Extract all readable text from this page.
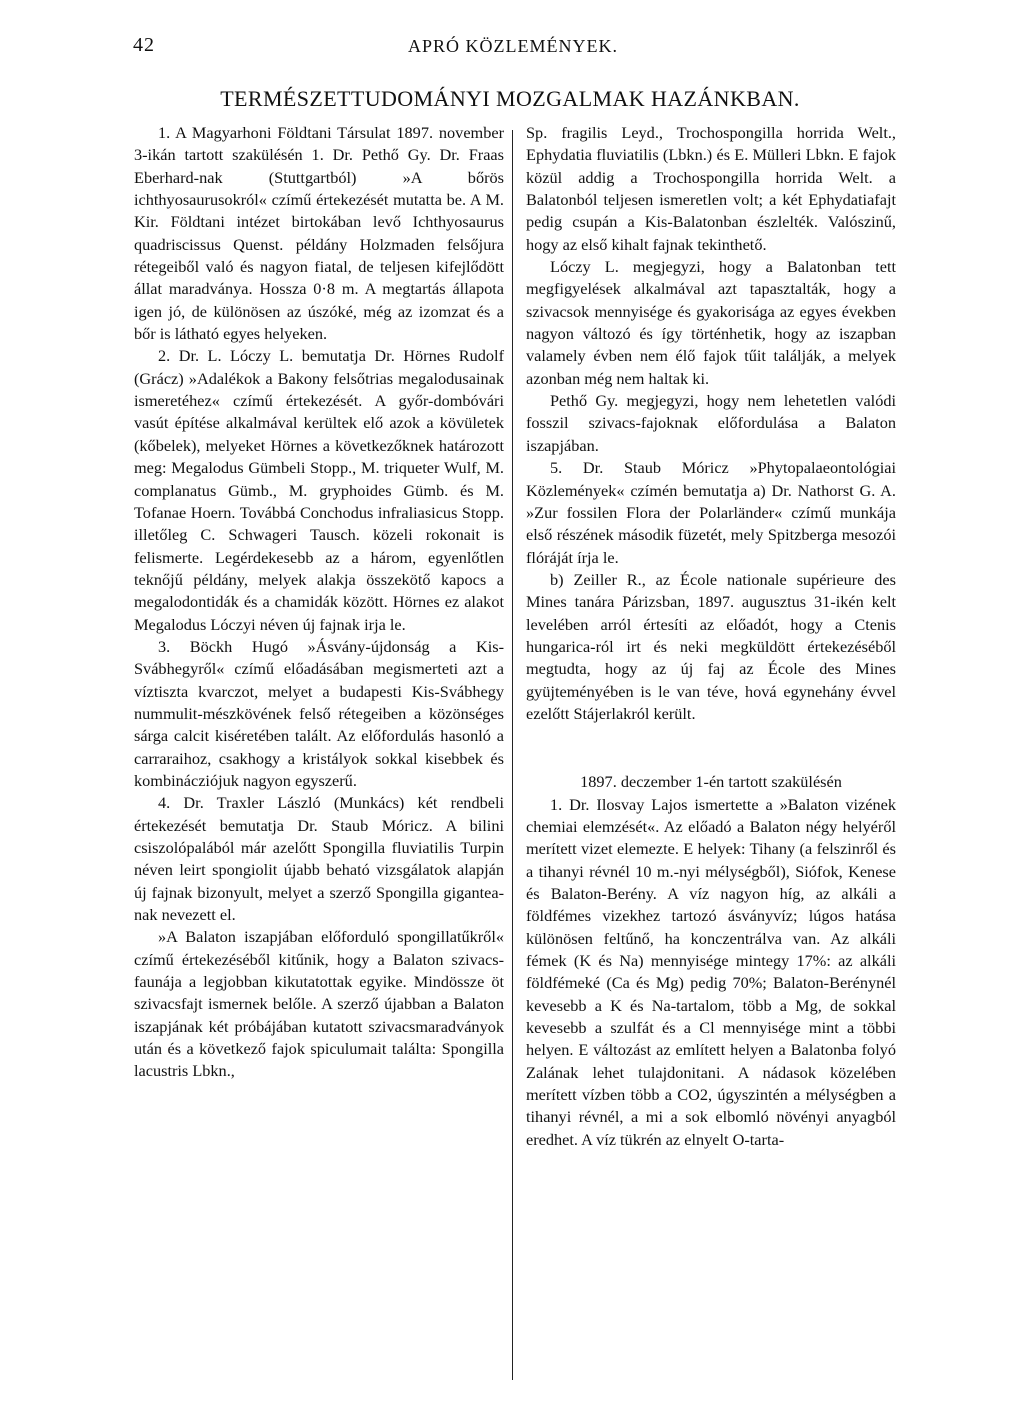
42	APRÓ KÖZLEMÉNYEK.
TERMÉSZETTUDOMÁNYI MOZGALMAK HAZÁNKBAN.

1. A Magyarhoni Földtani Társulat 1897. november 3-ikán tartott szakülésén 1. Dr. Pethő Gy. Dr. Fraas Eberhard-nak (Stuttgartból) »A bőrös ichthyosaurusokról« czímű értekezését mutatta be. A M. Kir. Földtani intézet birtokában levő Ichthyosaurus quadriscissus Quenst. példány Holzmaden felsőjura rétegeiből való és nagyon fiatal, de teljesen kifejlődött állat maradványa. Hossza 0·8 m. A megtartás állapota igen jó, de különösen az úszóké, még az izomzat és a bőr is látható egyes helyeken.

2. Dr. L. Lóczy L. bemutatja Dr. Hörnes Rudolf (Grácz) »Adalékok a Bakony felsőtrias megalodusainak ismeretéhez« czímű értekezését. A győr-dombóvári vasút építése alkalmával kerültek elő azok a kövületek (kőbelek), melyeket Hörnes a következőknek határozott meg: Megalodus Gümbeli Stopp., M. triqueter Wulf, M. complanatus Gümb., M. gryphoides Gümb. és M. Tofanae Hoern. Továbbá Conchodus infraliasicus Stopp. illetőleg C. Schwageri Tausch. közeli rokonait is felismerte. Legérdekesebb az a három, egyenlőtlen teknőjű példány, melyek alakja összekötő kapocs a megalodontidák és a chamidák között. Hörnes ez alakot Megalodus Lóczyi néven új fajnak irja le.

3. Böckh Hugó »Ásvány-újdonság a Kis-Svábhegyről« czímű előadásában megismerteti azt a víztiszta kvarczot, melyet a budapesti Kis-Svábhegy nummulit-mészkövének felső rétegeiben a közönséges sárga calcit kiséretében talált. Az előfordulás hasonló a carraraihoz, csakhogy a kristályok sokkal kisebbek és kombinácziójuk nagyon egyszerű.

4. Dr. Traxler László (Munkács) két rendbeli értekezését bemutatja Dr. Staub Móricz. A bilini csiszolópalából már azelőtt Spongilla fluviatilis Turpin néven leirt spongiolit újabb beható vizsgálatok alapján új fajnak bizonyult, melyet a szerző Spongilla gigantea-nak nevezett el.

»A Balaton iszapjában előforduló spongillatűkről« czímű értekezéséből kitűnik, hogy a Balaton szivacs-faunája a legjobban kikutatottak egyike. Mindössze öt szivacsfajt ismernek belőle. A szerző újabban a Balaton iszapjának két próbájában kutatott szivacsmaradványok után és a következő fajok spiculumait találta: Spongilla lacustris Lbkn.,

Sp. fragilis Leyd., Trochospongilla horrida Welt., Ephydatia fluviatilis (Lbkn.) és E. Mülleri Lbkn. E fajok közül addig a Trochospongilla horrida Welt. a Balatonból teljesen ismeretlen volt; a két Ephydatiafajt pedig csupán a Kis-Balatonban észlelték. Valószinű, hogy az első kihalt fajnak tekinthető.

Lóczy L. megjegyzi, hogy a Balatonban tett megfigyelések alkalmával azt tapasztalták, hogy a szivacsok mennyisége és gyakorisága az egyes években nagyon változó és így történhetik, hogy az iszapban valamely évben nem élő fajok tűit találják, a melyek azonban még nem haltak ki.

Pethő Gy. megjegyzi, hogy nem lehetetlen valódi fosszil szivacs-fajoknak előfordulása a Balaton iszapjában.

5. Dr. Staub Móricz »Phytopalaeontológiai Közlemények« czímén bemutatja a) Dr. Nathorst G. A. »Zur fossilen Flora der Polarländer« czímű munkája első részének második füzetét, mely Spitzberga mesozói flóráját írja le.

b) Zeiller R., az École nationale supérieure des Mines tanára Párizsban, 1897. augusztus 31-ikén kelt levelében arról értesíti az előadót, hogy a Ctenis hungarica-ról irt és neki megküldött értekezéséből megtudta, hogy az új faj az École des Mines gyüjteményében is le van téve, hová egynehány évvel ezelőtt Stájerlakról került.

1897. deczember 1-én tartott szakülésén

1. Dr. Ilosvay Lajos ismertette a »Balaton vizének chemiai elemzését«. Az előadó a Balaton négy helyéről merített vizet elemezte. E helyek: Tihany (a felszinről és a tihanyi révnél 10 m.-nyi mélységből), Siófok, Kenese és Balaton-Berény. A víz nagyon híg, az alkáli a földfémes vizekhez tartozó ásványvíz; lúgos hatása különösen feltűnő, ha konczentrálva van. Az alkáli fémek (K és Na) mennyisége mintegy 17%: az alkáli földfémeké (Ca és Mg) pedig 70%; Balaton-Berénynél kevesebb a K és Na-tartalom, több a Mg, de sokkal kevesebb a szulfát és a Cl mennyisége mint a többi helyen. E változást az említett helyen a Balatonba folyó Zalának lehet tulajdonitani. A nádasok közelében merített vízben több a CO2, úgyszintén a mélységben a tihanyi révnél, a mi a sok elbomló növényi anyagból eredhet. A víz tükrén az elnyelt O-tarta-
